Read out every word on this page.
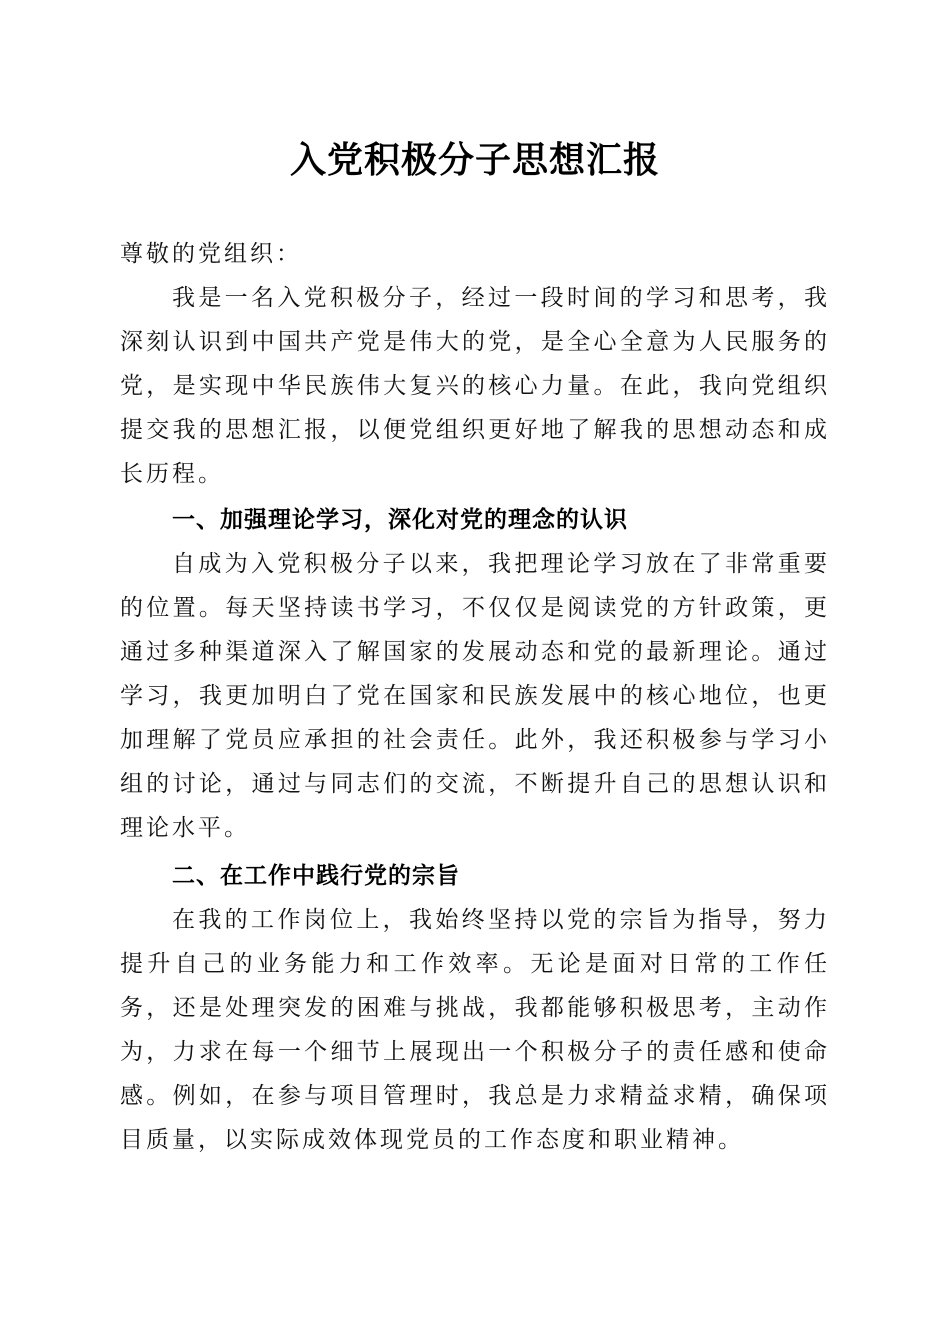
入党积极分子思想汇报
尊敬的党组织：
我是一名入党积极分子，经过一段时间的学习和思考，我深刻认识到中国共产党是伟大的党，是全心全意为人民服务的党，是实现中华民族伟大复兴的核心力量。在此，我向党组织提交我的思想汇报，以便党组织更好地了解我的思想动态和成长历程。
一、加强理论学习，深化对党的理念的认识
自成为入党积极分子以来，我把理论学习放在了非常重要的位置。每天坚持读书学习，不仅仅是阅读党的方针政策，更通过多种渠道深入了解国家的发展动态和党的最新理论。通过学习，我更加明白了党在国家和民族发展中的核心地位，也更加理解了党员应承担的社会责任。此外，我还积极参与学习小组的讨论，通过与同志们的交流，不断提升自己的思想认识和理论水平。
二、在工作中践行党的宗旨
在我的工作岗位上，我始终坚持以党的宗旨为指导，努力提升自己的业务能力和工作效率。无论是面对日常的工作任务，还是处理突发的困难与挑战，我都能够积极思考，主动作为，力求在每一个细节上展现出一个积极分子的责任感和使命感。例如，在参与项目管理时，我总是力求精益求精，确保项目质量，以实际成效体现党员的工作态度和职业精神。
